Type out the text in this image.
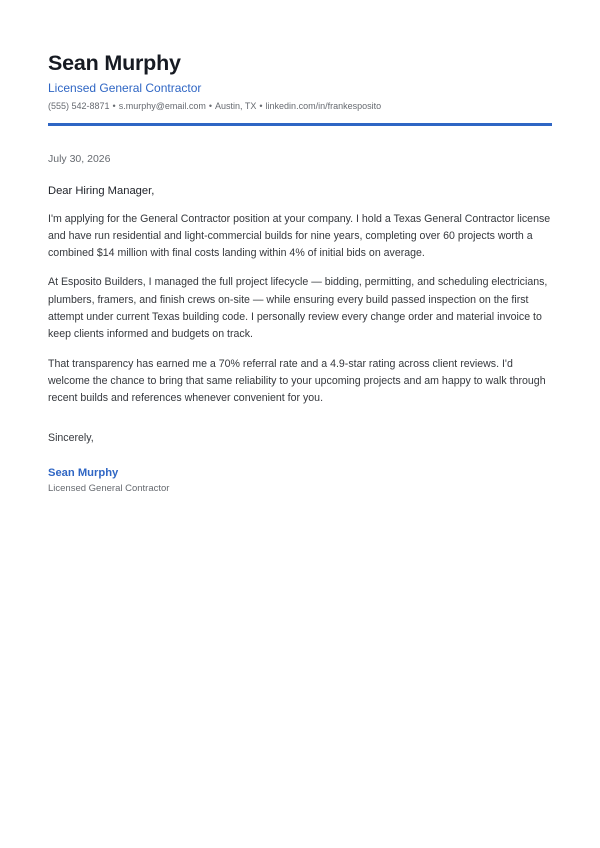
Sean Murphy
Licensed General Contractor
(555) 542-8871 • s.murphy@email.com • Austin, TX • linkedin.com/in/frankesposito
July 30, 2026
Dear Hiring Manager,

I'm applying for the General Contractor position at your company. I hold a Texas General Contractor license and have run residential and light-commercial builds for nine years, completing over 60 projects worth a combined $14 million with final costs landing within 4% of initial bids on average.

At Esposito Builders, I managed the full project lifecycle — bidding, permitting, and scheduling electricians, plumbers, framers, and finish crews on-site — while ensuring every build passed inspection on the first attempt under current Texas building code. I personally review every change order and material invoice to keep clients informed and budgets on track.

That transparency has earned me a 70% referral rate and a 4.9-star rating across client reviews. I'd welcome the chance to bring that same reliability to your upcoming projects and am happy to walk through recent builds and references whenever convenient for you.

Sincerely,
Sean Murphy
Licensed General Contractor
